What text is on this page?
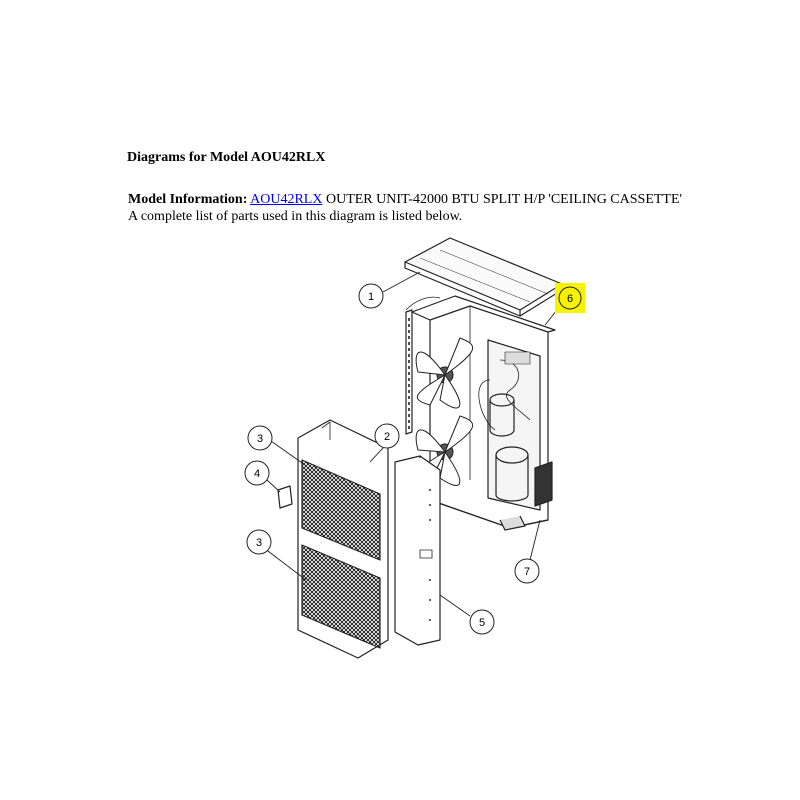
Diagrams for Model AOU42RLX
Model Information: AOU42RLX OUTER UNIT-42000 BTU SPLIT H/P 'CEILING CASSETTE'
A complete list of parts used in this diagram is listed below.
1
2
3
3
4
5
6
7
